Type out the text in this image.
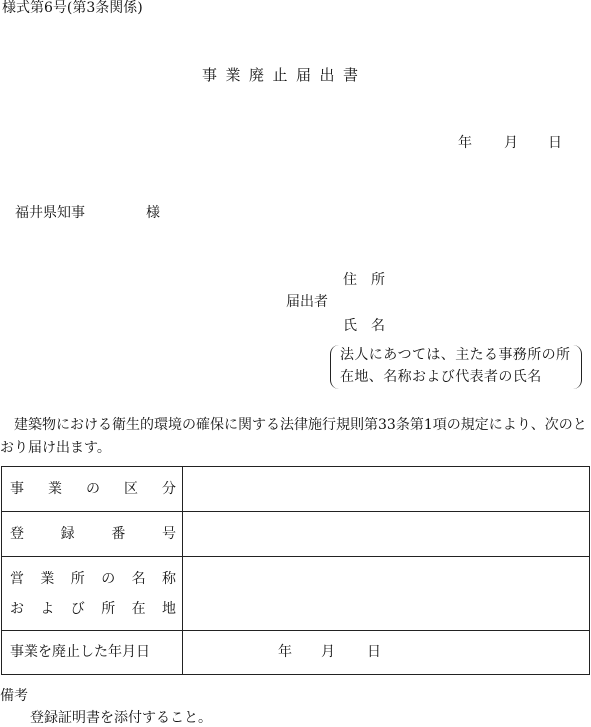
様式第6号(第3条関係)
事業廃止届出書
年 月 日
福井県知事	様
住所
届出者
氏名
法人にあつては、主たる事務所の所
在地、名称および代表者の氏名
建築物における衛生的環境の確保に関する法律施行規則第33条第1項の規定により、次のとおり届け出ます。
事業の区分	

登録番号	

営業所の名称
および所在地	

事業を廃止した年月日	年 月 日
備考
登録証明書を添付すること。
